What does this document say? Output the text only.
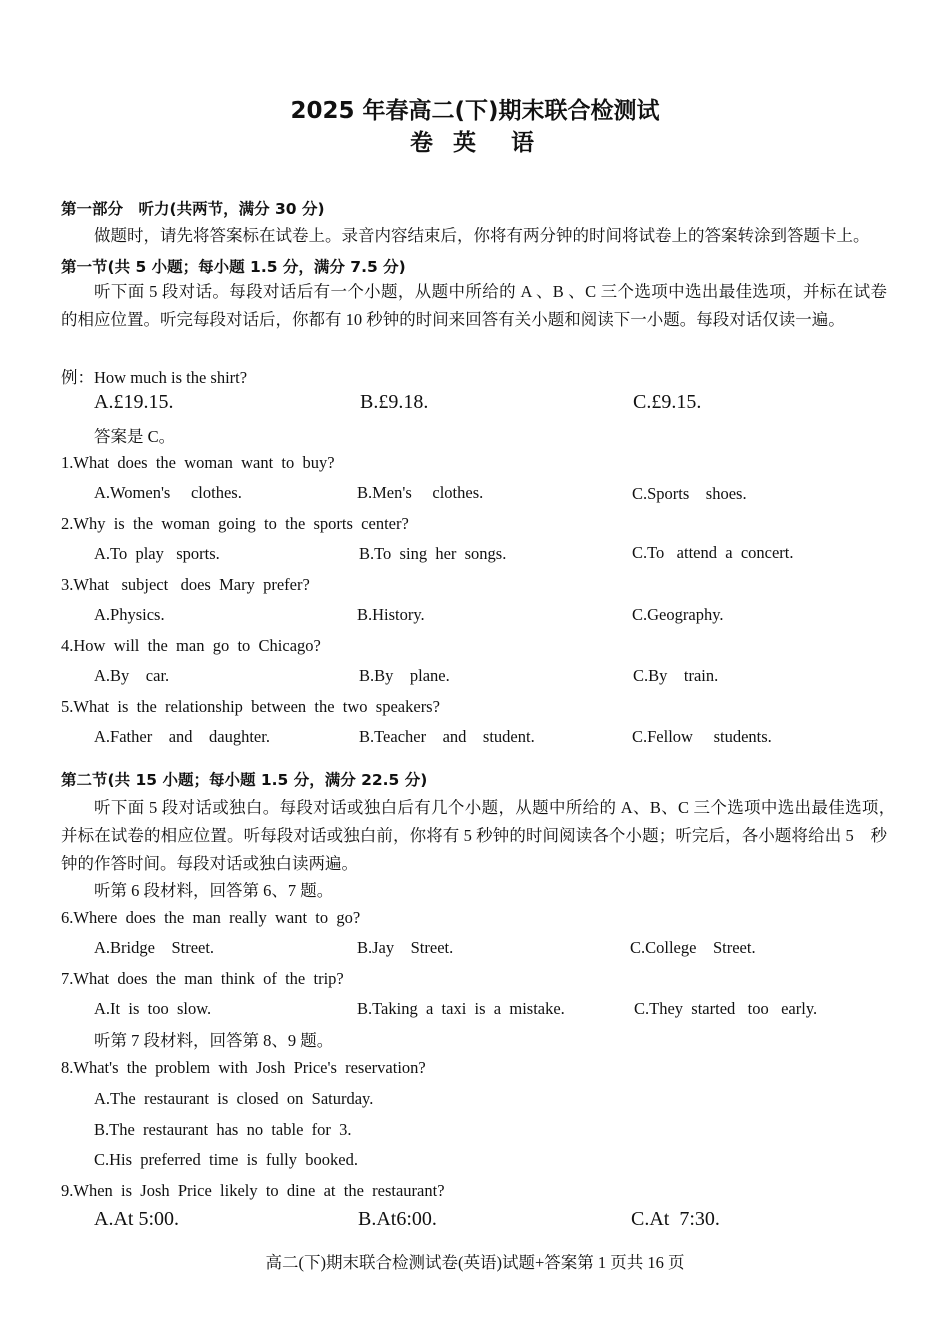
2025 年春高二(下)期末联合检测试
卷 英　语
第一部分　听力(共两节，满分 30 分)
做题时，请先将答案标在试卷上。录音内容结束后，你将有两分钟的时间将试卷上的答案转涂到答题卡上。
第一节(共 5 小题；每小题 1.5 分，满分 7.5 分)
听下面 5 段对话。每段对话后有一个小题，从题中所给的 A 、B 、C 三个选项中选出最佳选项，并标在试卷 的相应位置。听完每段对话后，你都有 10 秒钟的时间来回答有关小题和阅读下一小题。每段对话仅读一遍。
例：How much is the shirt?
A.£19.15.	B.£9.18.	C.£9.15.
答案是 C。
1.What  does  the  woman  want  to  buy?
A.Women's     clothes.	B.Men's     clothes.	C.Sports    shoes.
2.Why  is  the  woman  going  to  the  sports  center?
A.To  play   sports.	B.To  sing  her  songs.	C.To   attend  a  concert.
3.What   subject   does  Mary  prefer?
A.Physics.	B.History.	C.Geography.
4.How  will  the  man  go  to  Chicago?
A.By    car.	B.By    plane.	C.By    train.
5.What  is  the  relationship  between  the  two  speakers?
A.Father    and    daughter.	B.Teacher    and    student.	C.Fellow     students.
第二节(共 15 小题；每小题 1.5 分，满分 22.5 分)
听下面 5 段对话或独白。每段对话或独白后有几个小题，从题中所给的 A、B、C 三个选项中选出最佳选项，　并标在试卷的相应位置。听每段对话或独白前，你将有 5 秒钟的时间阅读各个小题；听完后，各小题将给出 5　秒钟的作答时间。每段对话或独白读两遍。
听第 6 段材料，回答第 6、7 题。
6.Where  does  the  man  really  want  to  go?
A.Bridge    Street.	B.Jay    Street.	C.College    Street.
7.What  does  the  man  think  of  the  trip?
A.It  is  too  slow.	B.Taking  a  taxi  is  a  mistake.	C.They  started   too   early.
听第 7 段材料，回答第 8、9 题。
8.What's  the  problem  with  Josh  Price's  reservation?
A.The  restaurant  is  closed  on  Saturday.
B.The  restaurant  has  no  table  for  3.
C.His  preferred  time  is  fully  booked.
9.When  is  Josh  Price  likely  to  dine  at  the  restaurant?
A.At 5:00.	B.At6:00.	C.At  7:30.
高二(下)期末联合检测试卷(英语)试题+答案第 1 页共 16 页
